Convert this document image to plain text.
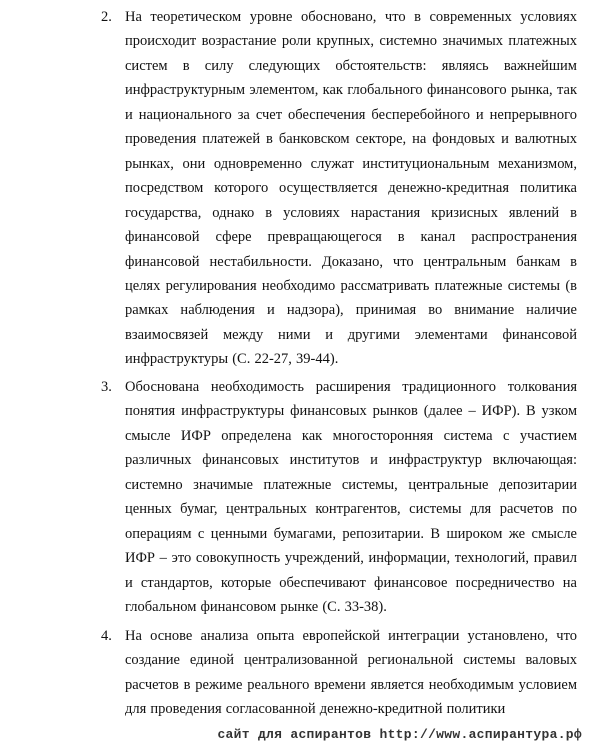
2. На теоретическом уровне обосновано, что в современных условиях происходит возрастание роли крупных, системно значимых платежных систем в силу следующих обстоятельств: являясь важнейшим инфраструктурным элементом, как глобального финансового рынка, так и национального за счет обеспечения бесперебойного и непрерывного проведения платежей в банковском секторе, на фондовых и валютных рынках, они одновременно служат институциональным механизмом, посредством которого осуществляется денежно-кредитная политика государства, однако в условиях нарастания кризисных явлений в финансовой сфере превращающегося в канал распространения финансовой нестабильности. Доказано, что центральным банкам в целях регулирования необходимо рассматривать платежные системы (в рамках наблюдения и надзора), принимая во внимание наличие взаимосвязей между ними и другими элементами финансовой инфраструктуры (С. 22-27, 39-44).

3. Обоснована необходимость расширения традиционного толкования понятия инфраструктуры финансовых рынков (далее – ИФР). В узком смысле ИФР определена как многосторонняя система с участием различных финансовых институтов и инфраструктур включающая: системно значимые платежные системы, центральные депозитарии ценных бумаг, центральных контрагентов, системы для расчетов по операциям с ценными бумагами, репозитарии. В широком же смысле ИФР – это совокупность учреждений, информации, технологий, правил и стандартов, которые обеспечивают финансовое посредничество на глобальном финансовом рынке (С. 33-38).

4. На основе анализа опыта европейской интеграции установлено, что создание единой централизованной региональной системы валовых расчетов в режиме реального времени является необходимым условием для проведения согласованной денежно-кредитной политики

сайт для аспирантов http://www.аспирантура.рф
